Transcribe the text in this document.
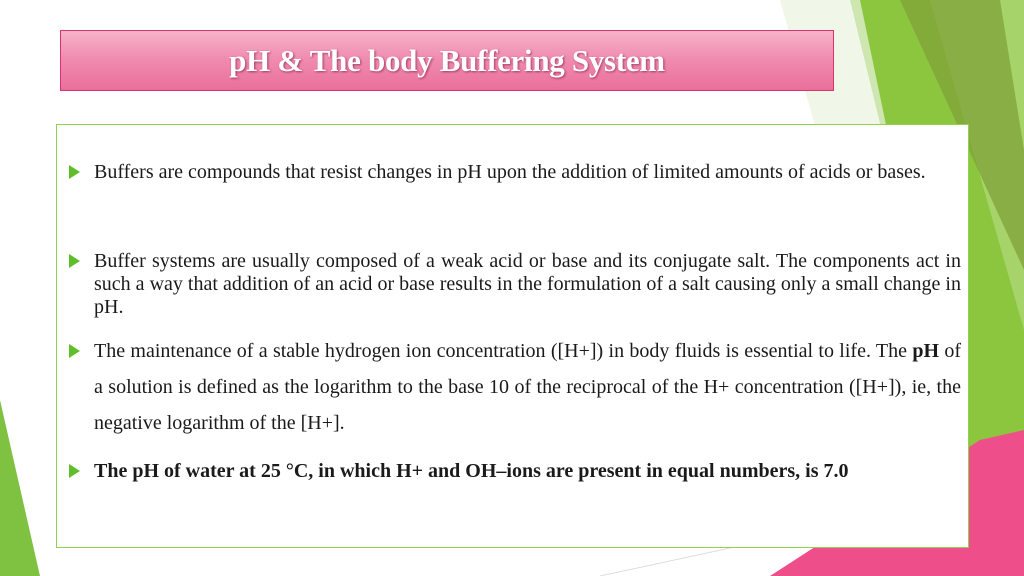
pH & The body Buffering System
Buffers are compounds that resist changes in pH upon the addition of limited amounts of acids or bases.
Buffer systems are usually composed of a weak acid or base and its conjugate salt. The components act in such a way that addition of an acid or base results in the formulation of a salt causing only a small change in pH.
The maintenance of a stable hydrogen ion concentration ([H+]) in body fluids is essential to life. The pH of a solution is defined as the logarithm to the base 10 of the reciprocal of the H+ concentration ([H+]), ie, the negative logarithm of the [H+].
The pH of water at 25 °C, in which H+ and OH–ions are present in equal numbers, is 7.0
